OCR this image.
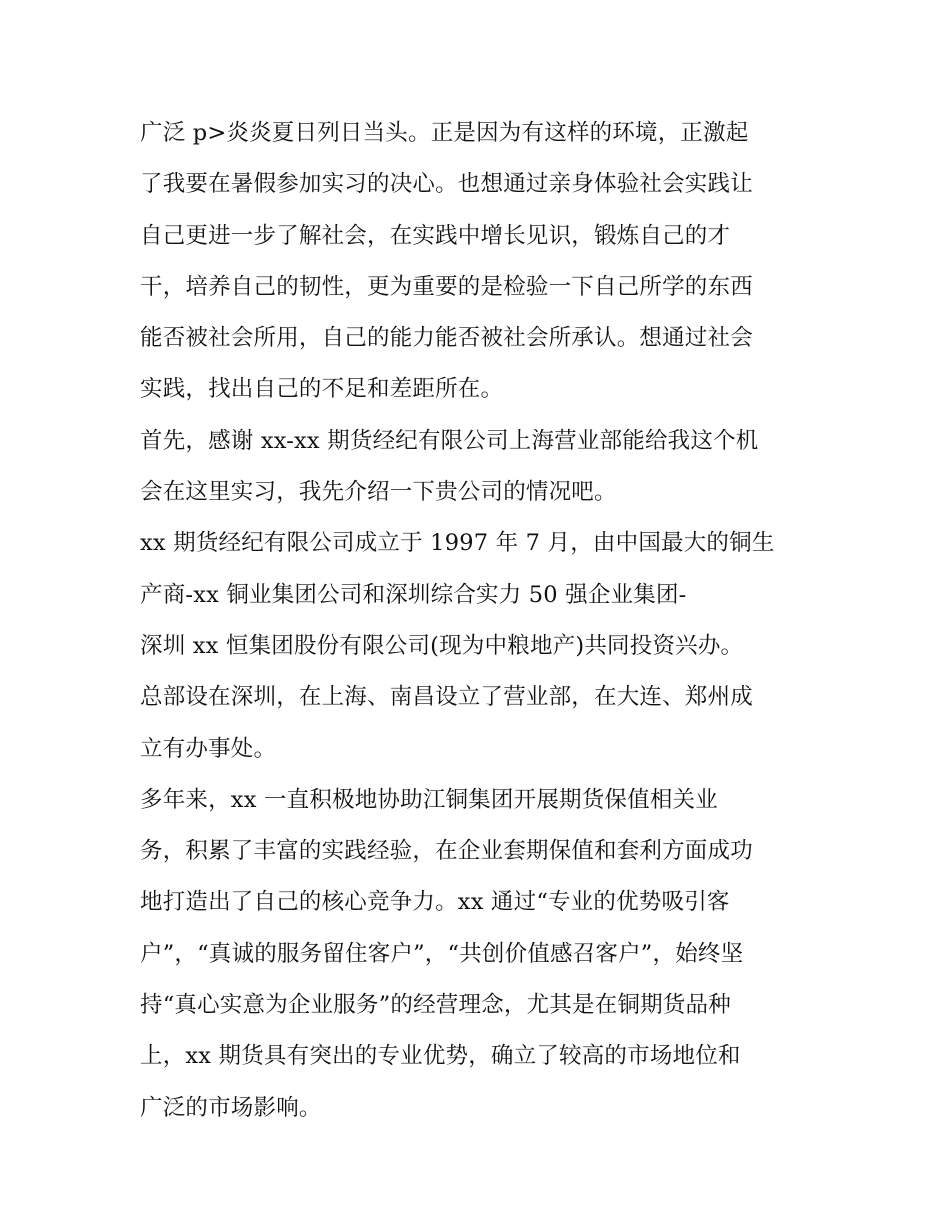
广泛 p>炎炎夏日列日当头。正是因为有这样的环境，正激起
了我要在暑假参加实习的决心。也想通过亲身体验社会实践让
自己更进一步了解社会，在实践中增长见识，锻炼自己的才
干，培养自己的韧性，更为重要的是检验一下自己所学的东西
能否被社会所用，自己的能力能否被社会所承认。想通过社会
实践，找出自己的不足和差距所在。
首先，感谢 xx-xx 期货经纪有限公司上海营业部能给我这个机
会在这里实习，我先介绍一下贵公司的情况吧。
xx 期货经纪有限公司成立于 1997 年 7 月，由中国最大的铜生
产商-xx 铜业集团公司和深圳综合实力 50 强企业集团-
深圳 xx 恒集团股份有限公司(现为中粮地产)共同投资兴办。
总部设在深圳，在上海、南昌设立了营业部，在大连、郑州成
立有办事处。
多年来，xx 一直积极地协助江铜集团开展期货保值相关业
务，积累了丰富的实践经验，在企业套期保值和套利方面成功
地打造出了自己的核心竞争力。xx 通过“专业的优势吸引客
户”，“真诚的服务留住客户”，“共创价值感召客户”，始终坚
持“真心实意为企业服务”的经营理念，尤其是在铜期货品种
上，xx 期货具有突出的专业优势，确立了较高的市场地位和
广泛的市场影响。
